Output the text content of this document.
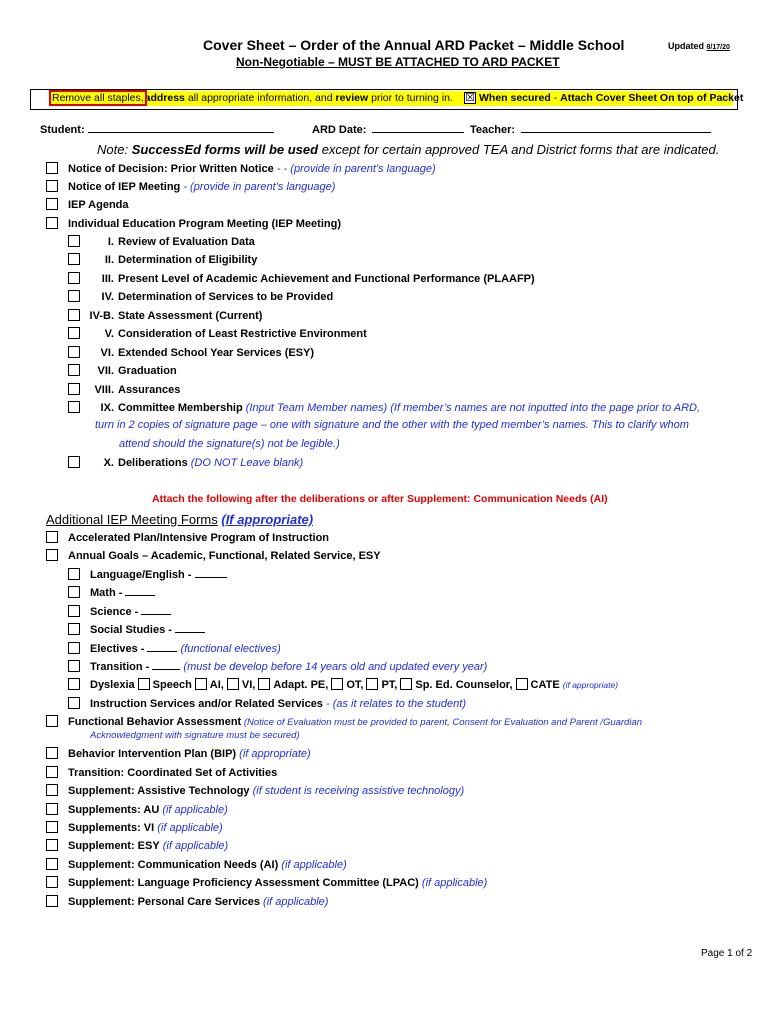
Cover Sheet – Order of the Annual ARD Packet – Middle School	Updated 8/17/20
Non-Negotiable – MUST BE ATTACHED TO ARD PACKET
Remove all staples,address all appropriate information, and review prior to turning in.	☒ When secured - Attach Cover Sheet On top of Packet
Student:	ARD Date:	Teacher:
Note: SuccessEd forms will be used except for certain approved TEA and District forms that are indicated.
Notice of Decision: Prior Written Notice - - (provide in parent’s language)
Notice of IEP Meeting - (provide in parent’s language)
IEP Agenda
Individual Education Program Meeting (IEP Meeting)
I. Review of Evaluation Data
II. Determination of Eligibility
III. Present Level of Academic Achievement and Functional Performance (PLAAFP)
IV. Determination of Services to be Provided
IV-B. State Assessment (Current)
V. Consideration of Least Restrictive Environment
VI. Extended School Year Services (ESY)
VII. Graduation
VIII. Assurances
IX. Committee Membership (Input Team Member names) (If member’s names are not inputted into the page prior to ARD,
turn in 2 copies of signature page – one with signature and the other with the typed member’s names. This to clarify whom
attend should the signature(s) not be legible.)
X. Deliberations (DO NOT Leave blank)
Attach the following after the deliberations or after Supplement: Communication Needs (AI)
Additional IEP Meeting Forms (If appropriate)
Accelerated Plan/Intensive Program of Instruction
Annual Goals – Academic, Functional, Related Service, ESY
Language/English -
Math -
Science -
Social Studies -
Electives -	(functional electives)
Transition -	(must be develop before 14 years old and updated every year)
Dyslexia Speech AI, VI, Adapt. PE, OT, PT, Sp. Ed. Counselor, CATE (if appropriate)
Instruction Services and/or Related Services - (as it relates to the student)
Functional Behavior Assessment (Notice of Evaluation must be provided to parent, Consent for Evaluation and Parent /Guardian
Acknowledgment with signature must be secured)
Behavior Intervention Plan (BIP) (if appropriate)
Transition: Coordinated Set of Activities
Supplement: Assistive Technology (if student is receiving assistive technology)
Supplements: AU (if applicable)
Supplements: VI (if applicable)
Supplement: ESY (if applicable)
Supplement: Communication Needs (AI) (if applicable)
Supplement: Language Proficiency Assessment Committee (LPAC) (if applicable)
Supplement: Personal Care Services (if applicable)
Page 1 of 2
